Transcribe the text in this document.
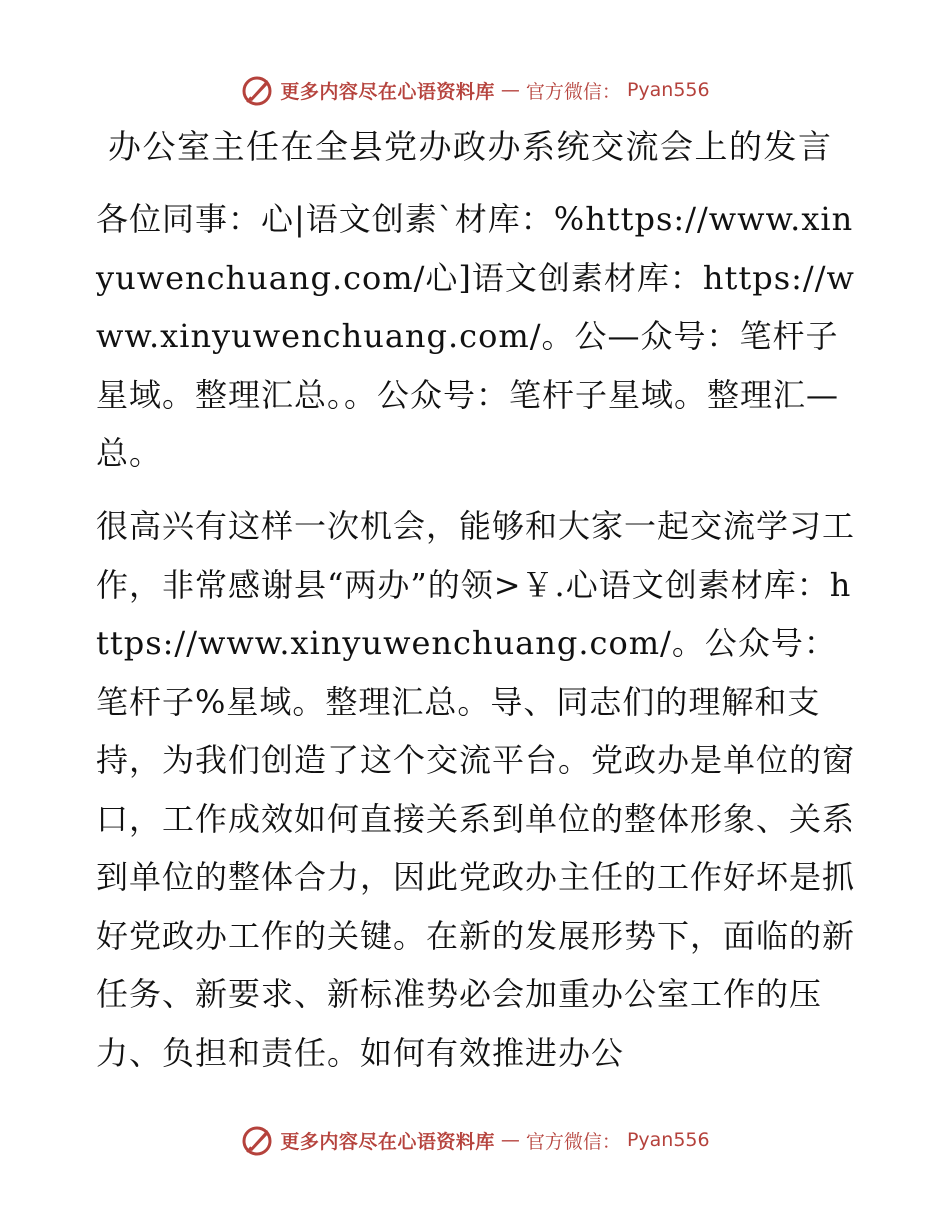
更多内容尽在心语资料库 — 官方微信： Pyan556
办公室主任在全县党办政办系统交流会上的发言

各位同事：心|语文创素`材库：%https://www.xinyuwenchuang.com/心]语文创素材库：https://www.xinyuwenchuang.com/。公—众号：笔杆子星域。整理汇总。。公众号：笔杆子星域。整理汇—总。

很高兴有这样一次机会，能够和大家一起交流学习工作，非常感谢县“两办”的领>￥.心语文创素材库：https://www.xinyuwenchuang.com/。公众号：笔杆子%星域。整理汇总。导、同志们的理解和支持，为我们创造了这个交流平台。党政办是单位的窗口，工作成效如何直接关系到单位的整体形象、关系到单位的整体合力，因此党政办主任的工作好坏是抓好党政办工作的关键。在新的发展形势下，面临的新任务、新要求、新标准势必会加重办公室工作的压力、负担和责任。如何有效推进办公

更多内容尽在心语资料库 — 官方微信： Pyan556
